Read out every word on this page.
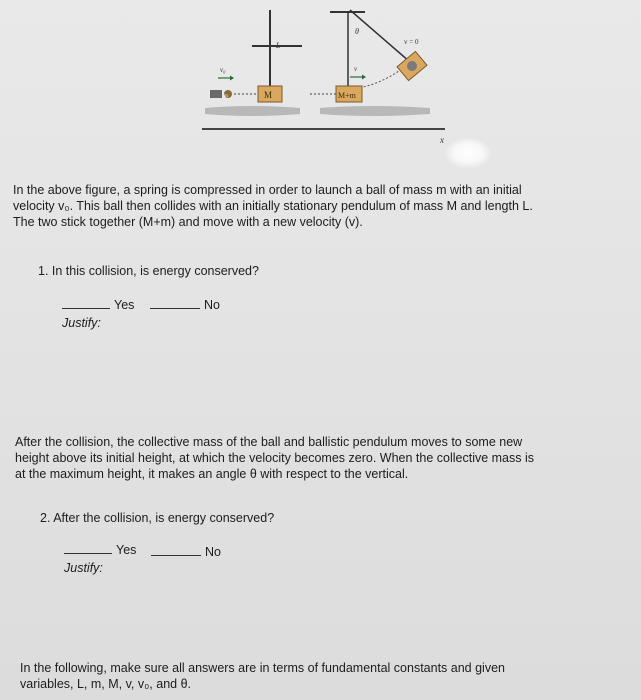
x
M
L
m
v₀
θ
v = 0
M+m
v
In the above figure, a spring is compressed in order to launch a ball of mass m with an initial
velocity v₀. This ball then collides with an initially stationary pendulum of mass M and length L.
The two stick together (M+m) and move with a new velocity (v).
1. In this collision, is energy conserved?
Yes	No
Justify:
After the collision, the collective mass of the ball and ballistic pendulum moves to some new
height above its initial height, at which the velocity becomes zero. When the collective mass is
at the maximum height, it makes an angle θ with respect to the vertical.
2. After the collision, is energy conserved?
Yes	No
Justify:
In the following, make sure all answers are in terms of fundamental constants and given
variables, L, m, M, v, v₀, and θ.
